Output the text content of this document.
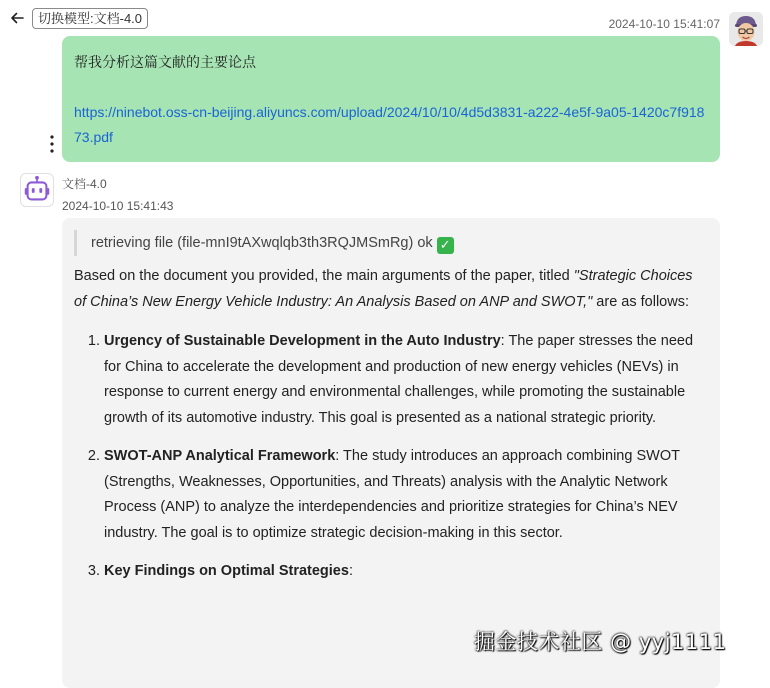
切换模型:文档-4.0	2024-10-10 15:41:07

帮我分析这篇文献的主要论点

https://ninebot.oss-cn-beijing.aliyuncs.com/upload/2024/10/10/4d5d3831-a222-4e5f-9a05-1420c7f91873.pdf
文档-4.0
2024-10-10 15:41:43
retrieving file (file-mnI9tAXwqlqb3th3RQJMSmRg) ok ✓

Based on the document you provided, the main arguments of the paper, titled "Strategic Choices of China’s New Energy Vehicle Industry: An Analysis Based on ANP and SWOT," are as follows:

1. Urgency of Sustainable Development in the Auto Industry: The paper stresses the need for China to accelerate the development and production of new energy vehicles (NEVs) in response to current energy and environmental challenges, while promoting the sustainable growth of its automotive industry. This goal is presented as a national strategic priority.
2. SWOT-ANP Analytical Framework: The study introduces an approach combining SWOT (Strengths, Weaknesses, Opportunities, and Threats) analysis with the Analytic Network Process (ANP) to analyze the interdependencies and prioritize strategies for China’s NEV industry. The goal is to optimize strategic decision-making in this sector.
3. Key Findings on Optimal Strategies:
掘金技术社区 @ yyj1111
